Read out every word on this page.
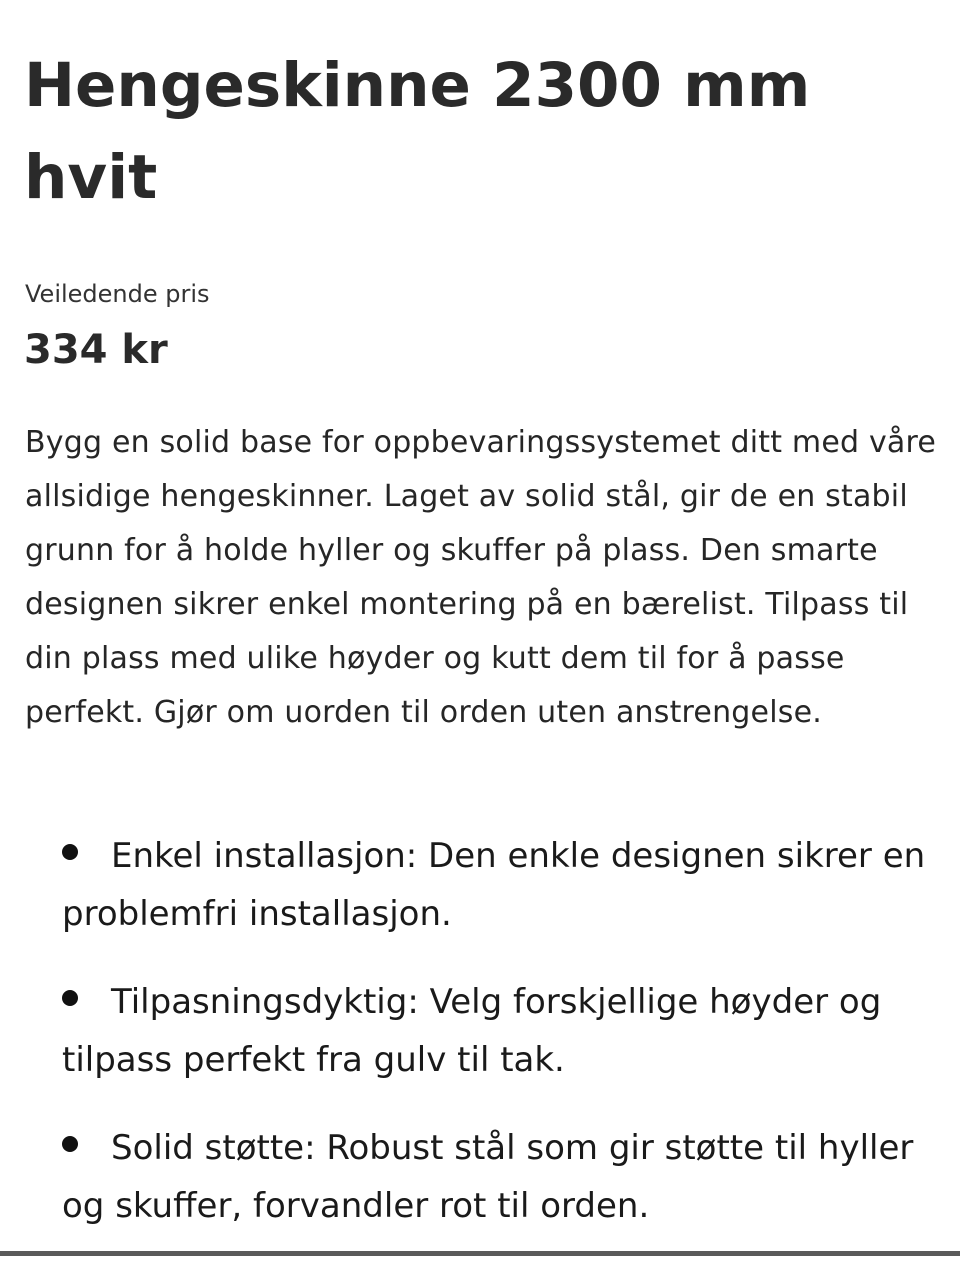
Hengeskinne 2300 mm hvit

Veiledende pris

334 kr

Bygg en solid base for oppbevaringssystemet ditt med våre allsidige hengeskinner. Laget av solid stål, gir de en stabil grunn for å holde hyller og skuffer på plass. Den smarte designen sikrer enkel montering på en bærelist. Tilpass til din plass med ulike høyder og kutt dem til for å passe perfekt. Gjør om uorden til orden uten anstrengelse.

Enkel installasjon: Den enkle designen sikrer en problemfri installasjon.
Tilpasningsdyktig: Velg forskjellige høyder og tilpass perfekt fra gulv til tak.
Solid støtte: Robust stål som gir støtte til hyller og skuffer, forvandler rot til orden.
